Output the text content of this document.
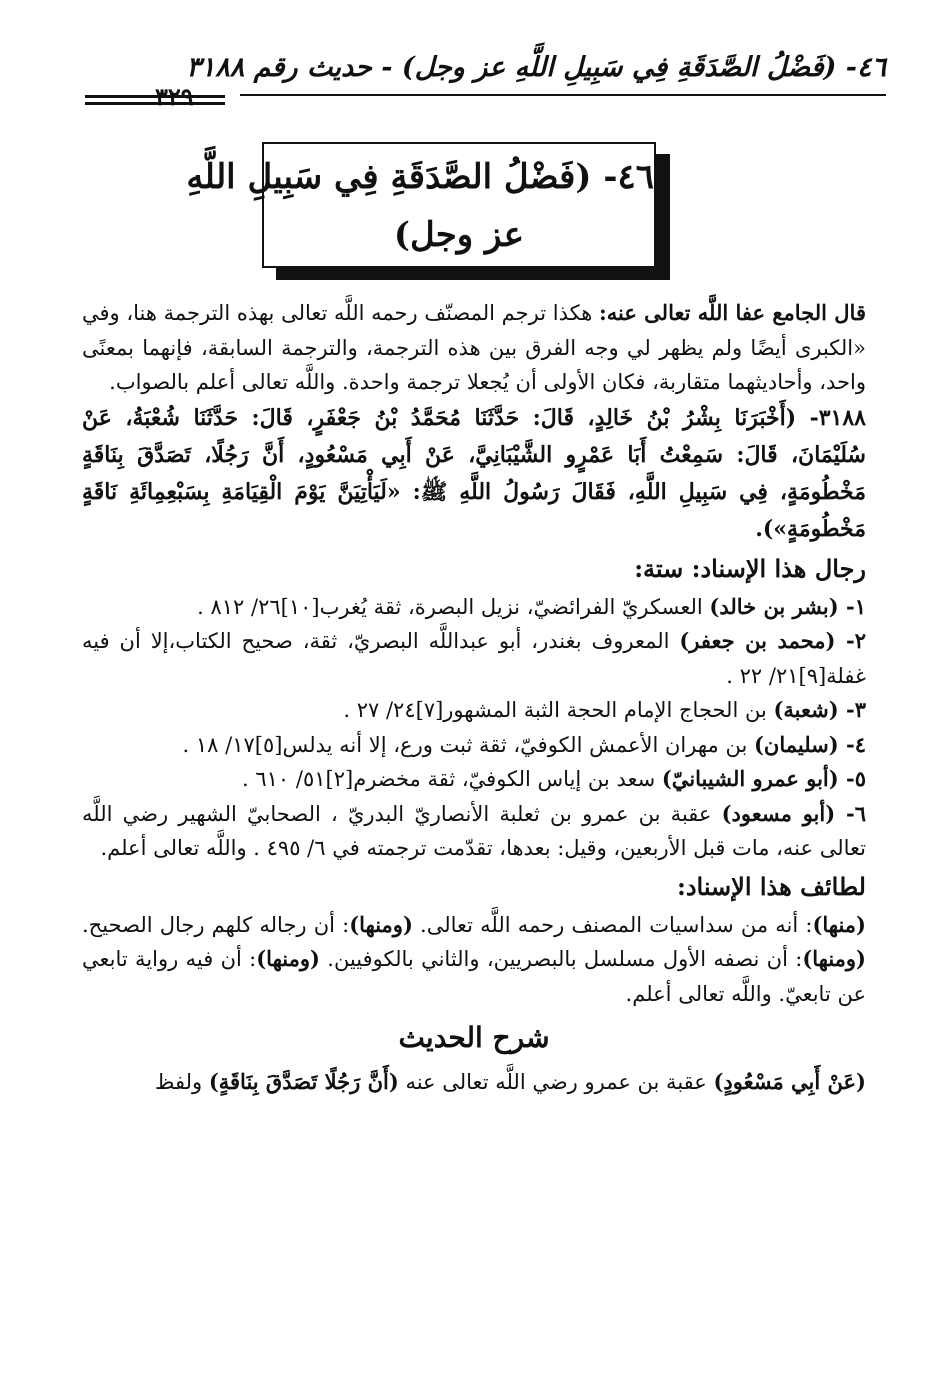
٤٦- (فَضْلُ الصَّدَقَةِ فِي سَبِيلِ اللَّهِ عز وجل) - حديث رقم ٣١٨٨
٣٢٩
٤٦- (فَضْلُ الصَّدَقَةِ فِي سَبِيلِ اللَّهِ
عز وجل)

قال الجامع عفا اللَّه تعالى عنه: هكذا ترجم المصنّف رحمه اللَّه تعالى بهذه الترجمة هنا، وفي «الكبرى أيضًا ولم يظهر لي وجه الفرق بين هذه الترجمة، والترجمة السابقة، فإنهما بمعنًى واحد، وأحاديثهما متقاربة، فكان الأولى أن يُجعلا ترجمة واحدة. واللَّه تعالى أعلم بالصواب.

٣١٨٨- (أَخْبَرَنَا بِشْرُ بْنُ خَالِدٍ، قَالَ: حَدَّثَنَا مُحَمَّدُ بْنُ جَعْفَرٍ، قَالَ: حَدَّثَنَا شُعْبَةُ، عَنْ سُلَيْمَانَ، قَالَ: سَمِعْتُ أَبَا عَمْرٍو الشَّيْبَانِيَّ، عَنْ أَبِي مَسْعُودٍ، أَنَّ رَجُلًا، تَصَدَّقَ بِنَاقَةٍ مَخْطُومَةٍ، فِي سَبِيلِ اللَّهِ، فَقَالَ رَسُولُ اللَّهِ ﷺ: «لَيَأْتِيَنَّ يَوْمَ الْقِيَامَةِ بِسَبْعِمِائَةِ نَاقَةٍ مَخْطُومَةٍ»).

رجال هذا الإسناد: ستة:

١- (بشر بن خالد) العسكريّ الفرائضيّ، نزيل البصرة، ثقة يُغرب[١٠]٢٦/ ٨١٢ .

٢- (محمد بن جعفر) المعروف بغندر، أبو عبداللَّه البصريّ، ثقة، صحيح الكتاب،إلا أن فيه غفلة[٩]٢١/ ٢٢ .

٣- (شعبة) بن الحجاج الإمام الحجة الثبة المشهور[٧]٢٤/ ٢٧ .

٤- (سليمان) بن مهران الأعمش الكوفيّ، ثقة ثبت ورع، إلا أنه يدلس[٥]١٧/ ١٨ .

٥- (أبو عمرو الشيبانيّ) سعد بن إياس الكوفيّ، ثقة مخضرم[٢]٥١/ ٦١٠ .

٦- (أبو مسعود) عقبة بن عمرو بن ثعلبة الأنصاريّ البدريّ ، الصحابيّ الشهير رضي اللَّه تعالى عنه، مات قبل الأربعين، وقيل: بعدها، تقدّمت ترجمته في ٦/ ٤٩٥ . واللَّه تعالى أعلم.

لطائف هذا الإسناد:

(منها): أنه من سداسيات المصنف رحمه اللَّه تعالى. (ومنها): أن رجاله كلهم رجال الصحيح. (ومنها): أن نصفه الأول مسلسل بالبصريين، والثاني بالكوفيين. (ومنها): أن فيه رواية تابعي عن تابعيّ. واللَّه تعالى أعلم.

شرح الحديث

(عَنْ أَبِي مَسْعُودٍ) عقبة بن عمرو رضي اللَّه تعالى عنه (أَنَّ رَجُلًا تَصَدَّقَ بِنَاقَةٍ) ولفظ
